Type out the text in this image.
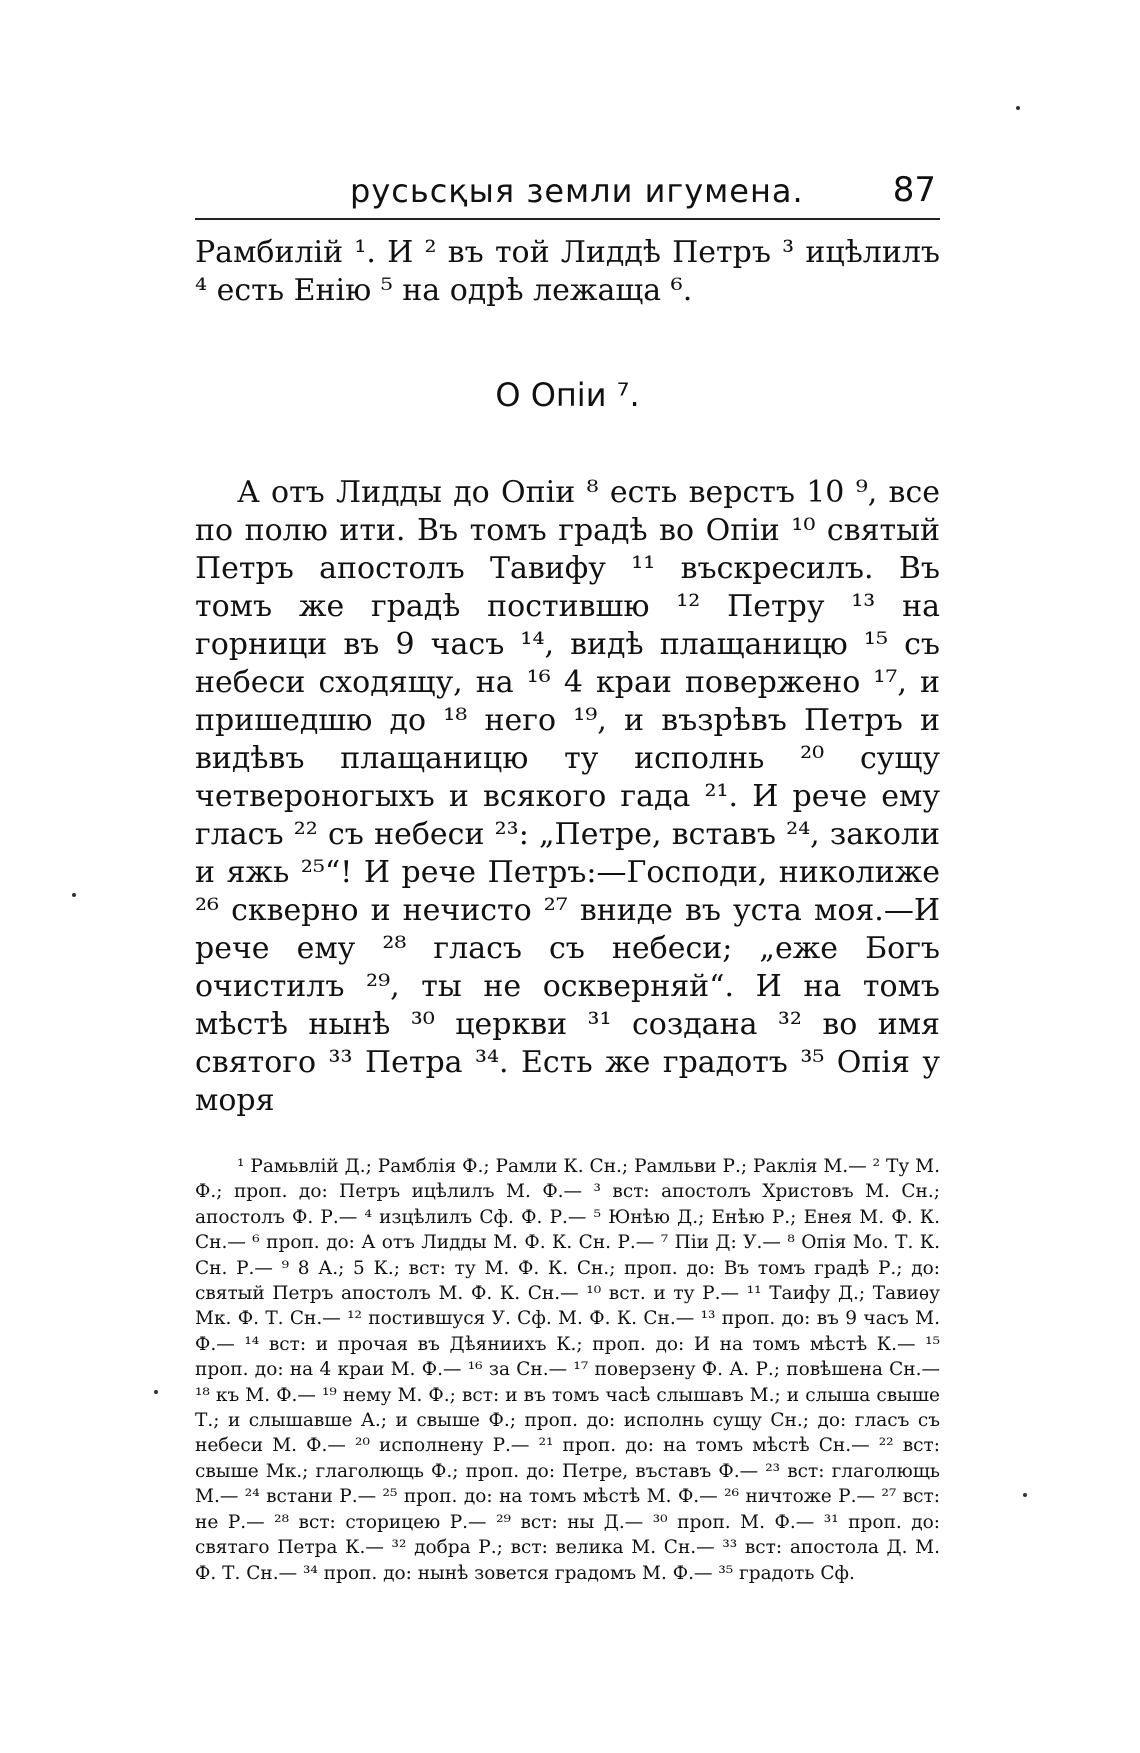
русьсқыя земли игумена.	87

Рамбилій ¹. И ² въ той Лиддѣ Петръ ³ ицѣлилъ ⁴ есть Енію ⁵ на одрѣ лежаща ⁶.

О Опіи ⁷.

А отъ Лидды до Опіи ⁸ есть верстъ 10 ⁹, все по полю ити. Въ томъ градѣ во Опіи ¹⁰ святый Петръ апостолъ Тавифу ¹¹ въскресилъ. Въ томъ же градѣ постившю ¹² Петру ¹³ на горници въ 9 часъ ¹⁴, видѣ плащаницю ¹⁵ съ небеси сходящу, на ¹⁶ 4 краи повержено ¹⁷, и пришедшю до ¹⁸ него ¹⁹, и възрѣвъ Петръ и видѣвъ плащаницю ту исполнь ²⁰ сущу четвероногыхъ и всякого гада ²¹. И рече ему гласъ ²² съ небеси ²³: „Петре, вставъ ²⁴, заколи и яжь ²⁵“! И рече Петръ:—Господи, николиже ²⁶ скверно и нечисто ²⁷ вниде въ уста моя.—И рече ему ²⁸ гласъ съ небеси; „еже Богъ очистилъ ²⁹, ты не оскверняй“. И на томъ мѣстѣ нынѣ ³⁰ церкви ³¹ создана ³² во имя святого ³³ Петра ³⁴. Есть же градотъ ³⁵ Опія у моря

¹ Рамьвлій Д.; Рамблія Ф.; Рамли К. Сн.; Рамльви Р.; Раклія М.— ² Ту М. Ф.; проп. до: Петръ ицѣлилъ М. Ф.— ³ вст: апостолъ Христовъ М. Сн.; апостолъ Ф. Р.— ⁴ изцѣлилъ Сф. Ф. Р.— ⁵ Юнѣю Д.; Енѣю Р.; Енея М. Ф. К. Сн.— ⁶ проп. до: А отъ Лидды М. Ф. К. Сн. Р.— ⁷ Піи Д: У.— ⁸ Опія Мо. Т. К. Сн. Р.— ⁹ 8 А.; 5 К.; вст: ту М. Ф. К. Сн.; проп. до: Въ томъ градѣ Р.; до: святый Петръ апостолъ М. Ф. К. Сн.— ¹⁰ вст. и ту Р.— ¹¹ Таифу Д.; Тавиѳу Мк. Ф. Т. Сн.— ¹² постившуся У. Сф. М. Ф. К. Сн.— ¹³ проп. до: въ 9 часъ М. Ф.— ¹⁴ вст: и прочая въ Дѣяниихъ К.; проп. до: И на томъ мѣстѣ К.— ¹⁵ проп. до: на 4 краи М. Ф.— ¹⁶ за Сн.— ¹⁷ поверзену Ф. А. Р.; повѣшена Сн.— ¹⁸ къ М. Ф.— ¹⁹ нему М. Ф.; вст: и въ томъ часѣ слышавъ М.; и слыша свыше Т.; и слышавше А.; и свыше Ф.; проп. до: исполнь сущу Сн.; до: гласъ съ небеси М. Ф.— ²⁰ исполнену Р.— ²¹ проп. до: на томъ мѣстѣ Сн.— ²² вст: свыше Мк.; глаголющь Ф.; проп. до: Петре, въставъ Ф.— ²³ вст: глаголющь М.— ²⁴ встани Р.— ²⁵ проп. до: на томъ мѣстѣ М. Ф.— ²⁶ ничтоже Р.— ²⁷ вст: не Р.— ²⁸ вст: сторицею Р.— ²⁹ вст: ны Д.— ³⁰ проп. М. Ф.— ³¹ проп. до: святаго Петра К.— ³² добра Р.; вст: велика М. Сн.— ³³ вст: апостола Д. М. Ф. Т. Сн.— ³⁴ проп. до: нынѣ зовется градомъ М. Ф.— ³⁵ градоть Сф.
